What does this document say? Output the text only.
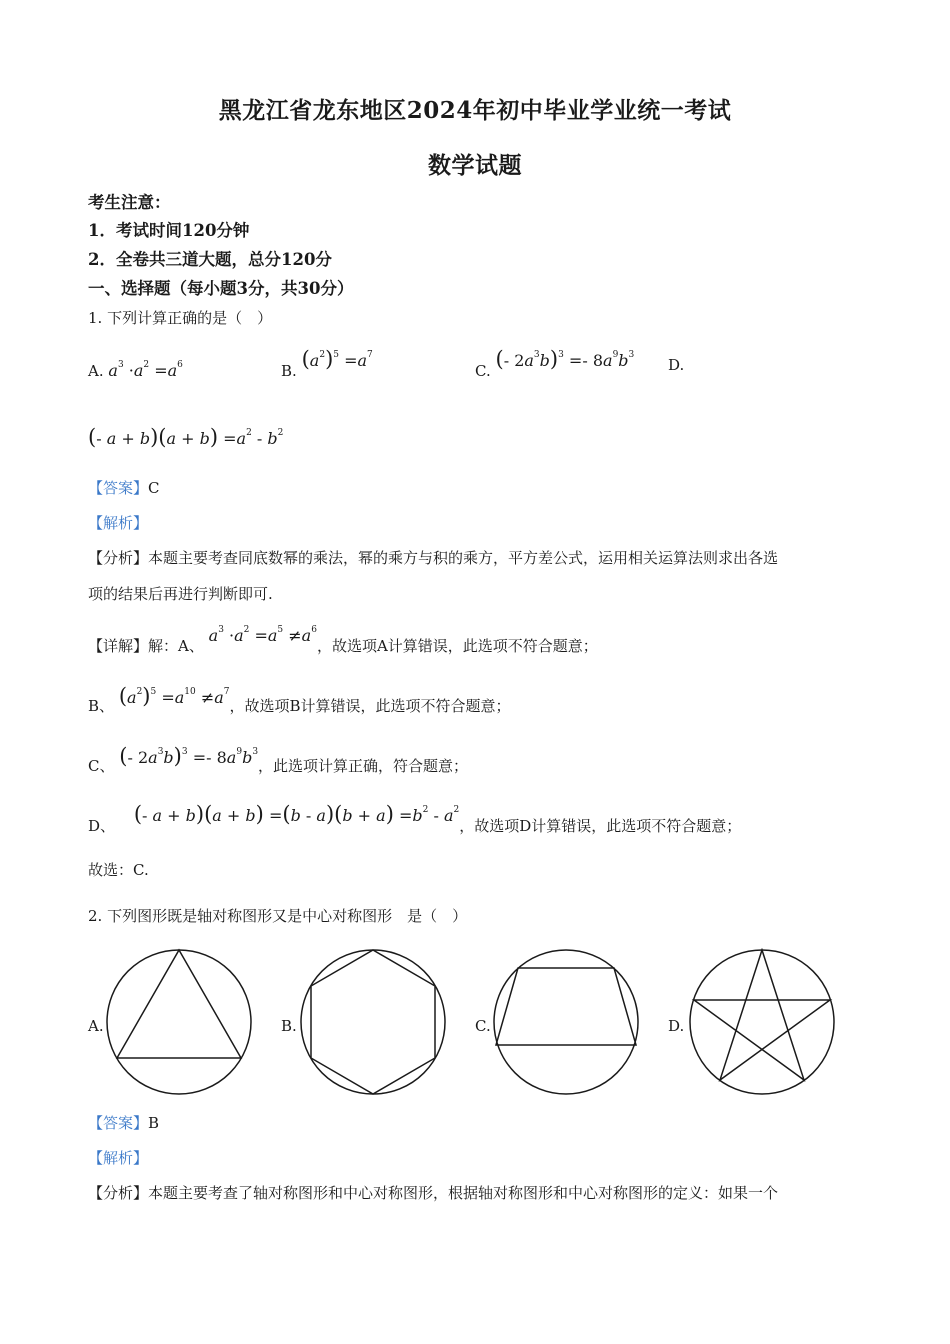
黑龙江省龙东地区2024年初中毕业学业统一考试
数学试题
考生注意：
1．考试时间120分钟
2．全卷共三道大题，总分120分
一、选择题（每小题3分，共30分）
1. 下列计算正确的是（　）
A. $a^3 \cdot a^2 =a^6$	B. $(a^2)^5 =a^7$
C. (- $2a^3b)^3 =- 8a^9b^3$
D.
(- $a + b)(a + b) =a^2 - b^2$
【答案】C
【解析】
【分析】本题主要考查同底数幂的乘法，幂的乘方与积的乘方，平方差公式，运用相关运算法则求出各选
项的结果后再进行判断即可.
【详解】解：A、 $a^3 \cdot a^2 =a^5 \ne a^6$，故选项A计算错误，此选项不符合题意；
B、 $(a^2)^5 =a^{10} \ne a^7$，故选项B计算错误，此选项不符合题意；
C、 (- $2a^3b)^3 =- 8a^9b^3$，此选项计算正确，符合题意；
D、 (- $a + b)(a + b) =(b - a)(b + a) =b^2 - a^2$，故选项D计算错误，此选项不符合题意；
故选：C.
2. 下列图形既是轴对称图形又是中心对称图形　是（　）
A.	B.	C.	D.
【答案】B
【解析】
【分析】本题主要考查了轴对称图形和中心对称图形，根据轴对称图形和中心对称图形的定义：如果一个
